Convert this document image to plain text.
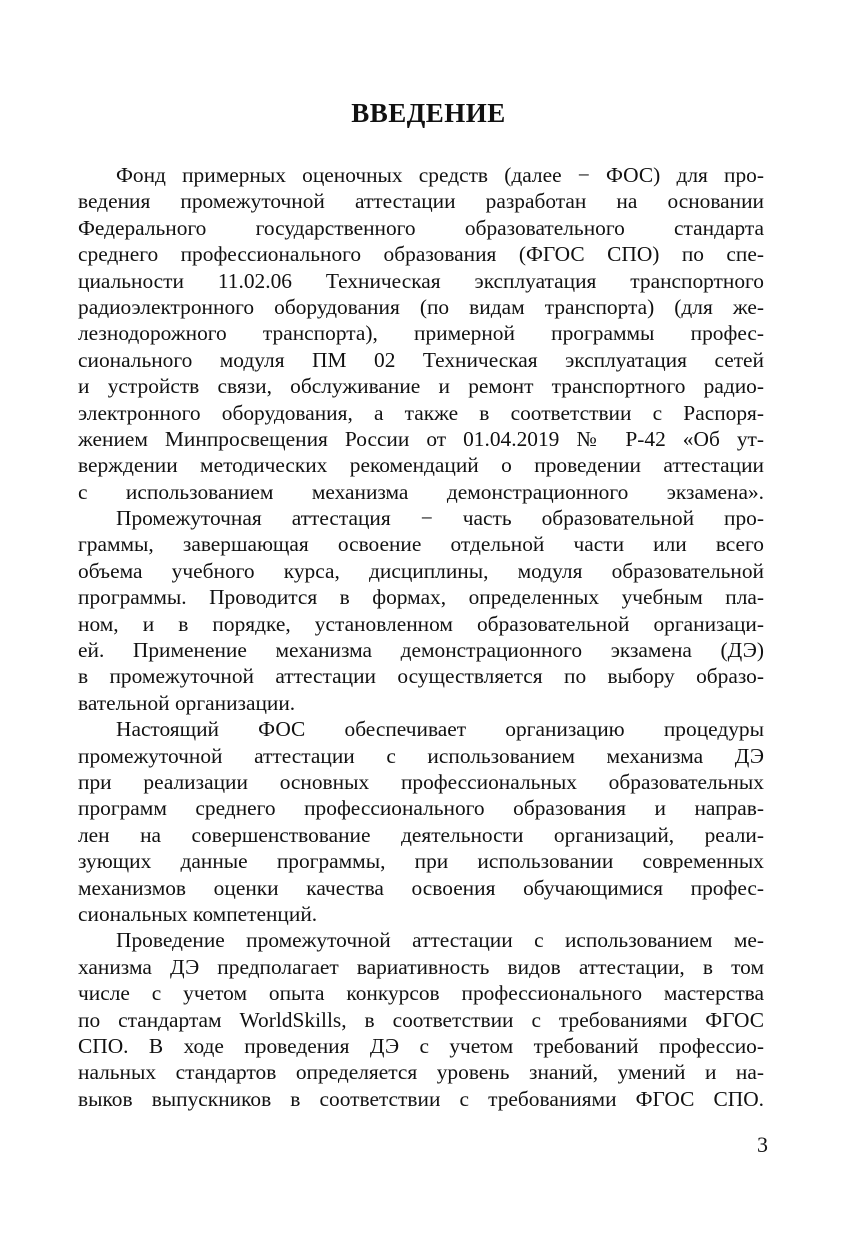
ВВЕДЕНИЕ
Фонд примерных оценочных средств (далее − ФОС) для про-
ведения промежуточной аттестации разработан на основании
Федерального государственного образовательного стандарта
среднего профессионального образования (ФГОС СПО) по спе-
циальности 11.02.06 Техническая эксплуатация транспортного
радиоэлектронного оборудования (по видам транспорта) (для же-
лезнодорожного транспорта), примерной программы профес-
сионального модуля ПМ 02 Техническая эксплуатация сетей
и устройств связи, обслуживание и ремонт транспортного радио-
электронного оборудования, а также в соответствии с Распоря-
жением Минпросвещения России от 01.04.2019 № Р-42 «Об ут-
верждении методических рекомендаций о проведении аттестации
с использованием механизма демонстрационного экзамена».
Промежуточная аттестация − часть образовательной про-
граммы, завершающая освоение отдельной части или всего
объема учебного курса, дисциплины, модуля образовательной
программы. Проводится в формах, определенных учебным пла-
ном, и в порядке, установленном образовательной организаци-
ей. Применение механизма демонстрационного экзамена (ДЭ)
в промежуточной аттестации осуществляется по выбору образо-
вательной организации.
Настоящий ФОС обеспечивает организацию процедуры
промежуточной аттестации с использованием механизма ДЭ
при реализации основных профессиональных образовательных
программ среднего профессионального образования и направ-
лен на совершенствование деятельности организаций, реали-
зующих данные программы, при использовании современных
механизмов оценки качества освоения обучающимися профес-
сиональных компетенций.
Проведение промежуточной аттестации с использованием ме-
ханизма ДЭ предполагает вариативность видов аттестации, в том
числе с учетом опыта конкурсов профессионального мастерства
по стандартам WorldSkills, в соответствии с требованиями ФГОС
СПО. В ходе проведения ДЭ с учетом требований профессио-
нальных стандартов определяется уровень знаний, умений и на-
выков выпускников в соответствии с требованиями ФГОС СПО.
3
